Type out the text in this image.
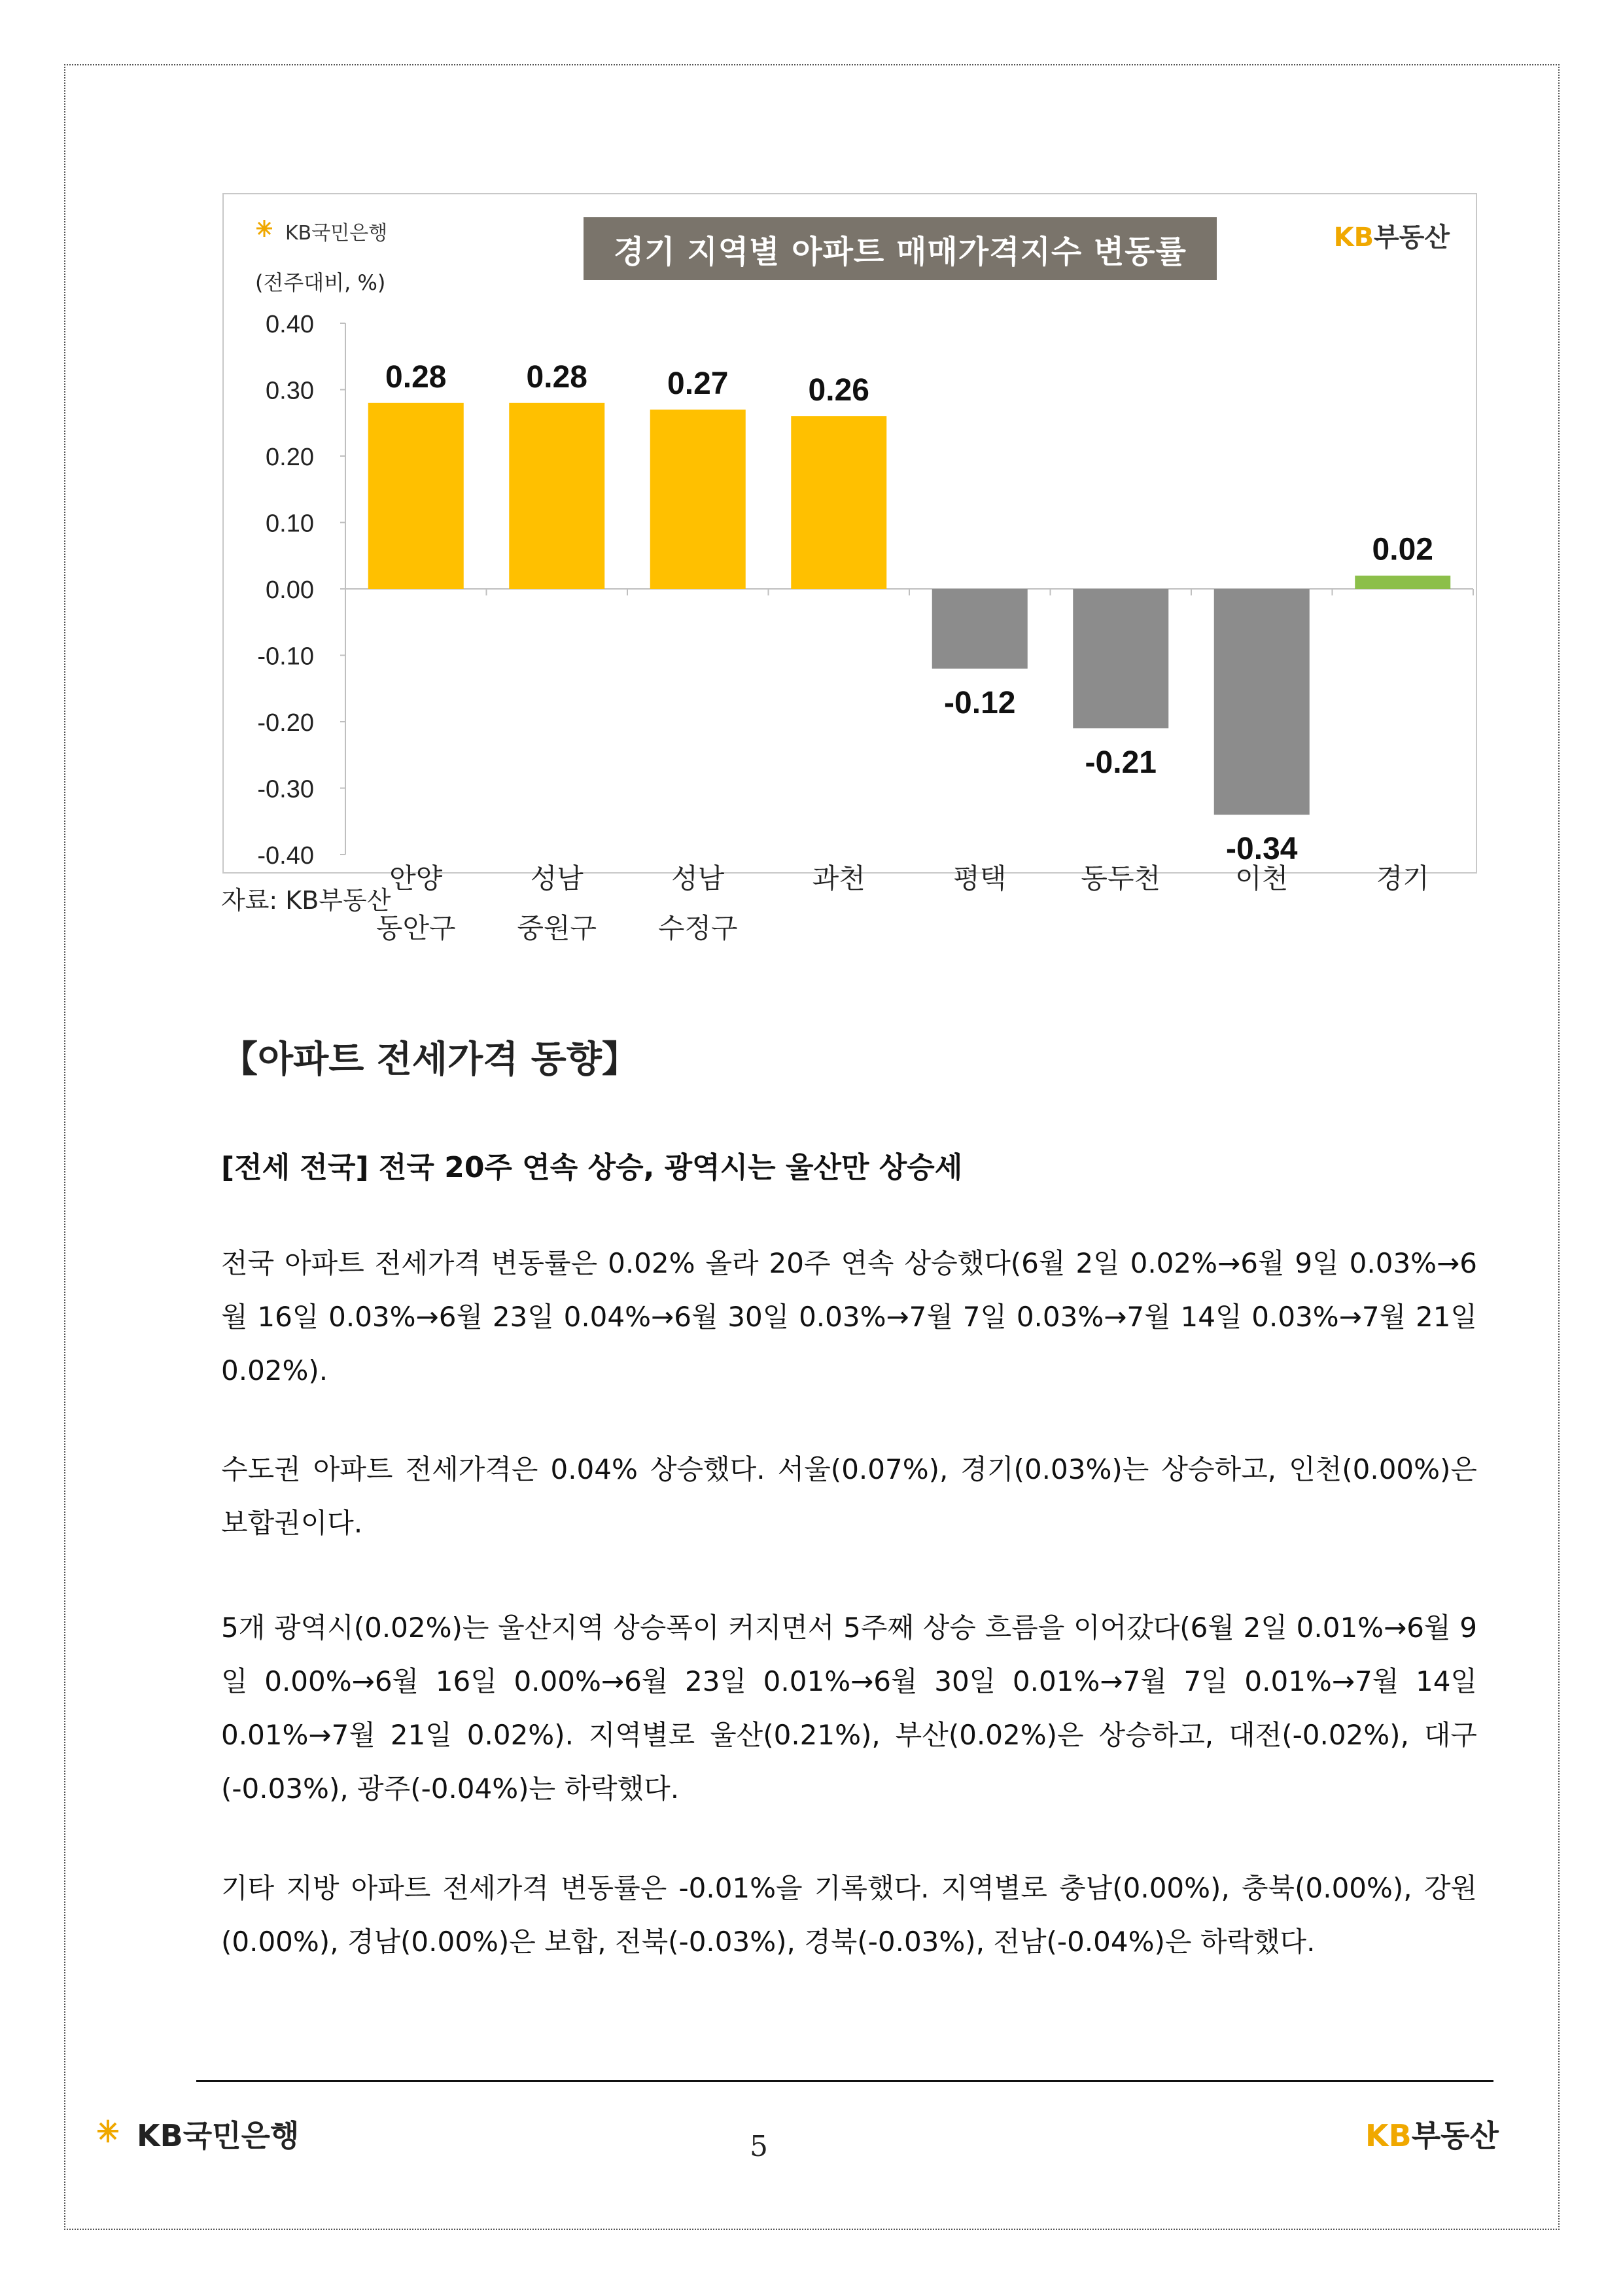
0.40
0.30
0.20
0.10
0.00
-0.10
-0.20
-0.30
-0.40
0.28
안양
동안구
0.28
성남
중원구
0.27
성남
수정구
0.26
과천
-0.12
평택
-0.21
동두천
-0.34
이천
0.02
경기
KB국민은행	경기 지역별 아파트 매매가격지수 변동률	KB부동산
(전주대비, %)
자료: KB부동산
【아파트 전세가격 동향】
[전세 전국] 전국 20주 연속 상승, 광역시는 울산만 상승세

전국 아파트 전세가격 변동률은 0.02% 올라 20주 연속 상승했다(6월 2일 0.02%→6월 9일 0.03%→6월 16일 0.03%→6월 23일 0.04%→6월 30일 0.03%→7월 7일 0.03%→7월 14일 0.03%→7월 21일 0.02%).

수도권 아파트 전세가격은 0.04% 상승했다. 서울(0.07%), 경기(0.03%)는 상승하고, 인천(0.00%)은 보합권이다.

5개 광역시(0.02%)는 울산지역 상승폭이 커지면서 5주째 상승 흐름을 이어갔다(6월 2일 0.01%→6월 9일 0.00%→6월 16일 0.00%→6월 23일 0.01%→6월 30일 0.01%→7월 7일 0.01%→7월 14일 0.01%→7월 21일 0.02%). 지역별로 울산(0.21%), 부산(0.02%)은 상승하고, 대전(-0.02%), 대구(-0.03%), 광주(-0.04%)는 하락했다.

기타 지방 아파트 전세가격 변동률은 -0.01%을 기록했다. 지역별로 충남(0.00%), 충북(0.00%), 강원(0.00%), 경남(0.00%)은 보합, 전북(-0.03%), 경북(-0.03%), 전남(-0.04%)은 하락했다.

KB국민은행	5	KB부동산
